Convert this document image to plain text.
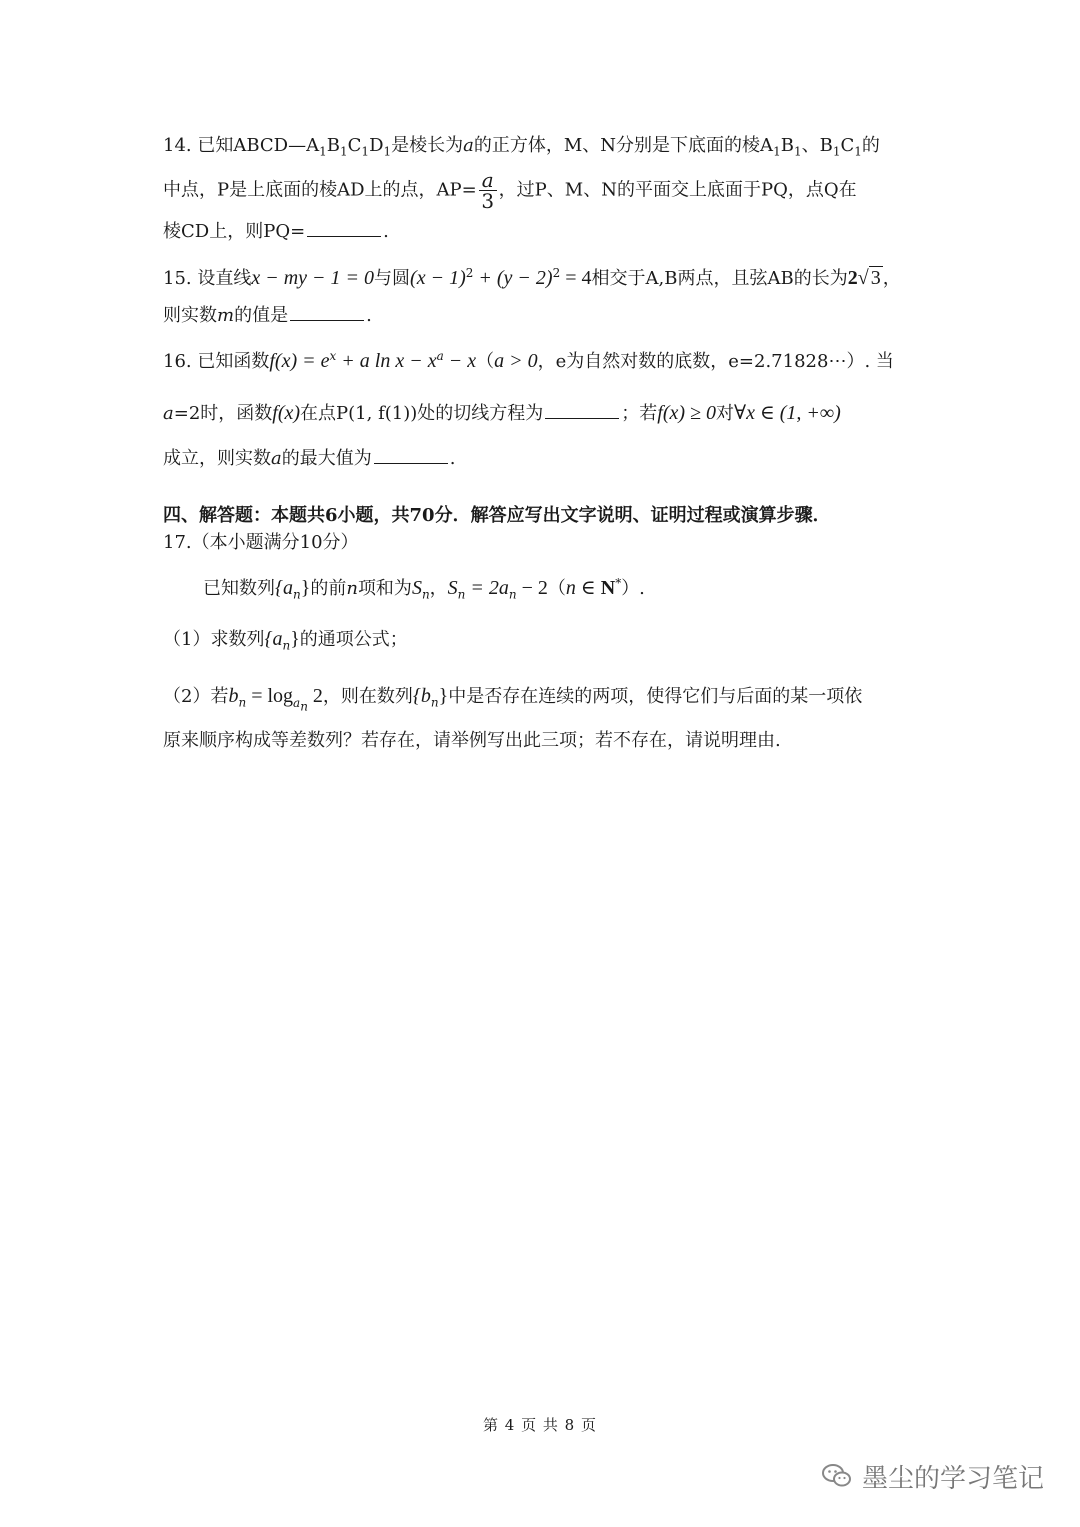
14. 已知$ABCD—A_1B_1C_1D_1$是棱长为a的正方体，M、N分别是下底面的棱$A_1B_1$、$B_1C_1$的
中点，P是上底面的棱AD上的点，$AP= \frac{a}{3}$ ，过P、M、N的平面交上底面于PQ，点Q在
棱CD上，则PQ=	.
15. 设直线x − my − 1 = 0与圆$(x - 1)^2 + (y - 2)^2 = 4$相交于A,B两点，且弦AB的长为2√ 3 ，
则实数m的值是	.
16. 已知函数$f(x) = e^x + a$ $\ln x - x^a - x(a > 0$，e为自然对数的底数，e=2.71828⋯）. 当
a=2时，函数f(x)在点P(1, f(1))处的切线方程为	；若f(x) ≥ 0对∀x ∈ (1, +∞)
成立，则实数a的最大值为	.
四、解答题：本题共6小题，共70分．解答应写出文字说明、证明过程或演算步骤．
17.（本小题满分10分）
已知数列$\{a_n\}$的前n项和为$S_n$，$S_n = 2a_n - 2(n$ ∈ N*）.
（1）求数列$\{a_n\}$的通项公式；
（2）若$b_n = \log_{a_n} 2$，则在数列$\{b_n\}$中是否存在连续的两项，使得它们与后面的某一项依
原来顺序构成等差数列？若存在，请举例写出此三项；若不存在，请说明理由.
第 4 页 共 8 页
墨尘的学习笔记
